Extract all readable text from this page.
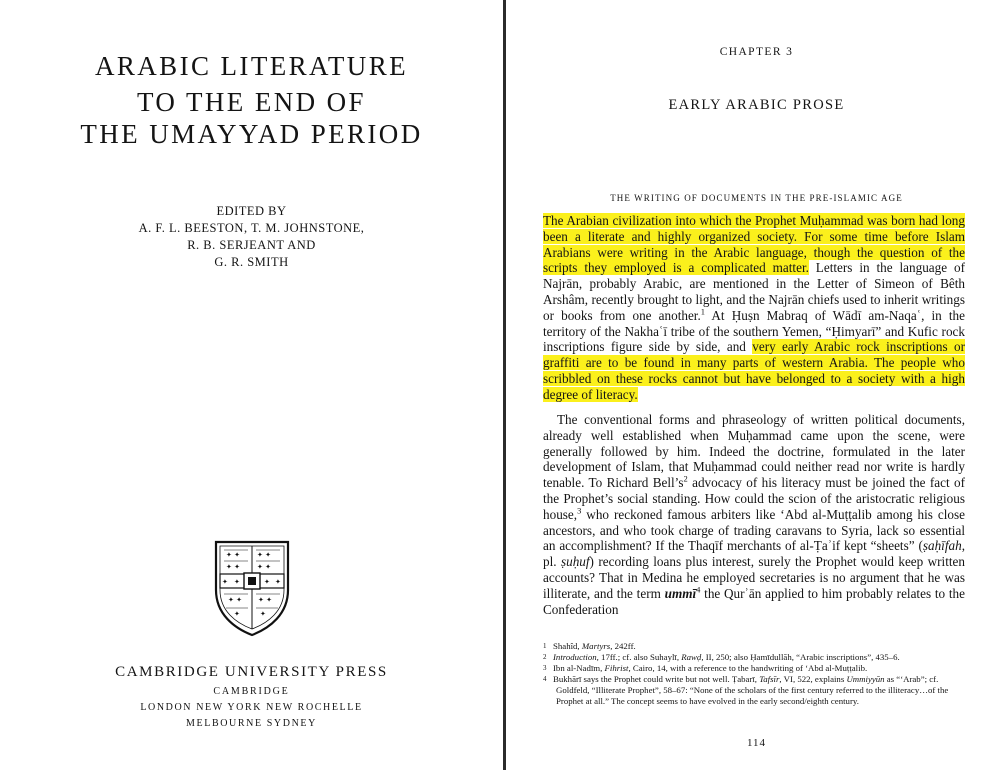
ARABIC LITERATURE
TO THE END OF
THE UMAYYAD PERIOD
EDITED BY
A. F. L. BEESTON, T. M. JOHNSTONE,
R. B. SERJEANT AND
G. R. SMITH
✦ ✦
✦ ✦
✦ ✦
✦ ✦
✦ ✦	✦ ✦
✦ ✦ ✦ ✦
✦	✦
CAMBRIDGE UNIVERSITY PRESS
CAMBRIDGE
LONDON NEW YORK NEW ROCHELLE
MELBOURNE SYDNEY
CHAPTER 3
EARLY ARABIC PROSE
THE WRITING OF DOCUMENTS IN THE PRE-ISLAMIC AGE

The Arabian civilization into which the Prophet Muḥammad was born had long been a literate and highly organized society. For some time before Islam Arabians were writing in the Arabic language, though the question of the scripts they employed is a complicated matter. Letters in the language of Najrān, probably Arabic, are mentioned in the Letter of Simeon of Bêth Arshâm, recently brought to light, and the Najrān chiefs used to inherit writings or books from one another.$^1$ At Ḥuṣn Mabraq of Wādī am-Naqaʿ, in the territory of the Nakhaʿī tribe of the southern Yemen, “Ḥimyarī” and Kufic rock inscriptions figure side by side, and very early Arabic rock inscriptions or graffiti are to be found in many parts of western Arabia. The people who scribbled on these rocks cannot but have belonged to a society with a high degree of literacy.

The conventional forms and phraseology of written political documents, already well established when Muḥammad came upon the scene, were generally followed by him. Indeed the doctrine, formulated in the later development of Islam, that Muḥammad could neither read nor write is hardly tenable. To Richard $Bell’s^2$ advocacy of his literacy must be joined the fact of the Prophet’s social standing. How could the scion of the aristocratic religious house,$^3$ who reckoned famous arbiters like ‘Abd al-Muṭṭalib among his close ancestors, and who took charge of trading caravans to Syria, lack so essential an accomplishment? If the Thaqīf merchants of al-Ṭaʾif kept “sheets” (ṣaḥīfah, pl. ṣuḥuf) recording loans plus interest, surely the Prophet would keep written accounts? That in Medina he employed secretaries is no argument that he was illiterate, and the term ummī$^4$ the Qurʾān applied to him probably relates to the Confederation

1 Shahîd, Martyrs, 242ff.
2 Introduction, 17ff.; cf. also Suhaylī, Rawḍ, II, 250; also Ḥamīdullāh, “Arabic inscriptions”, 435–6.
3 Ibn al-Nadīm, Fihrist, Cairo, 14, with a reference to the handwriting of ‘Abd al-Muṭṭalib.
4 Bukhārī says the Prophet could write but not well. Ṭabarī, Tafsīr, VI, 522, explains Ummiyyūn as “‘Arab”; cf. Goldfeld, “Illiterate Prophet”, 58–67: “None of the scholars of the first century referred to the illiteracy…of the Prophet at all.” The concept seems to have evolved in the early second/eighth century.
114
